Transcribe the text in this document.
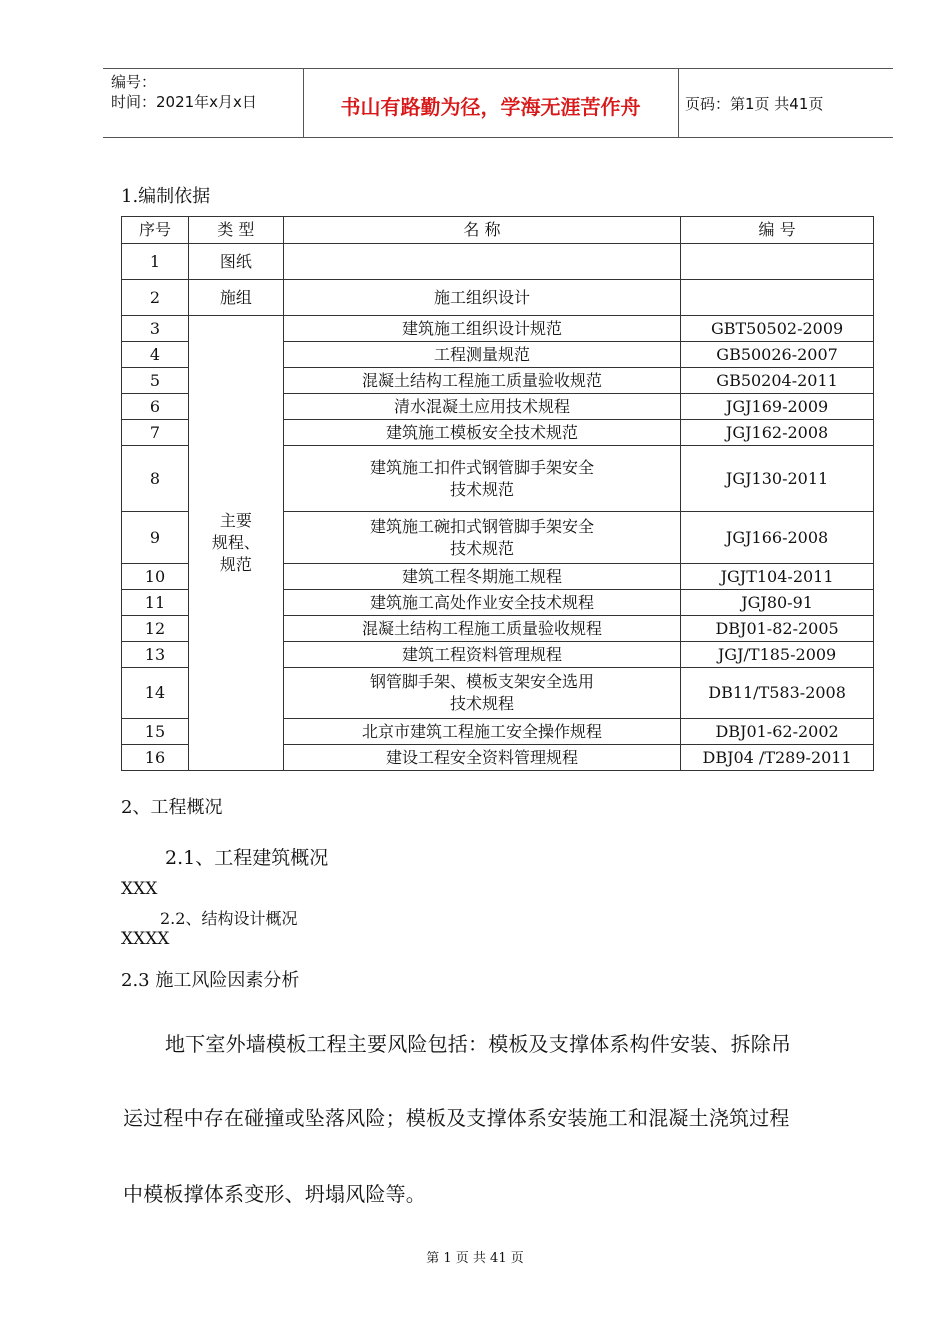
编号：
时间：2021年x月x日	书山有路勤为径，学海无涯苦作舟	页码：第1页 共41页
1.编制依据
序号	类 型	名 称	编 号
1	图纸		
2	施组	施工组织设计	
3	主要
规程、
规范	建筑施工组织设计规范	GBT50502-2009
4		工程测量规范	GB50026-2007
5		混凝土结构工程施工质量验收规范	GB50204-2011
6		清水混凝土应用技术规程	JGJ169-2009
7		建筑施工模板安全技术规范	JGJ162-2008
8		建筑施工扣件式钢管脚手架安全
技术规范	JGJ130-2011
9		建筑施工碗扣式钢管脚手架安全
技术规范	JGJ166-2008
10		建筑工程冬期施工规程	JGJT104-2011
11		建筑施工高处作业安全技术规程	JGJ80-91
12		混凝土结构工程施工质量验收规程	DBJ01-82-2005
13		建筑工程资料管理规程	JGJ/T185-2009
14		钢管脚手架、模板支架安全选用
技术规程	DB11/T583-2008
15		北京市建筑工程施工安全操作规程	DBJ01-62-2002
16		建设工程安全资料管理规程	DBJ04 /T289-2011
2、工程概况
2.1、工程建筑概况
XXX
2.2、结构设计概况
XXXX
2.3 施工风险因素分析
地下室外墙模板工程主要风险包括：模板及支撑体系构件安装、拆除吊
运过程中存在碰撞或坠落风险；模板及支撑体系安装施工和混凝土浇筑过程
中模板撑体系变形、坍塌风险等。
第 1 页 共 41 页
